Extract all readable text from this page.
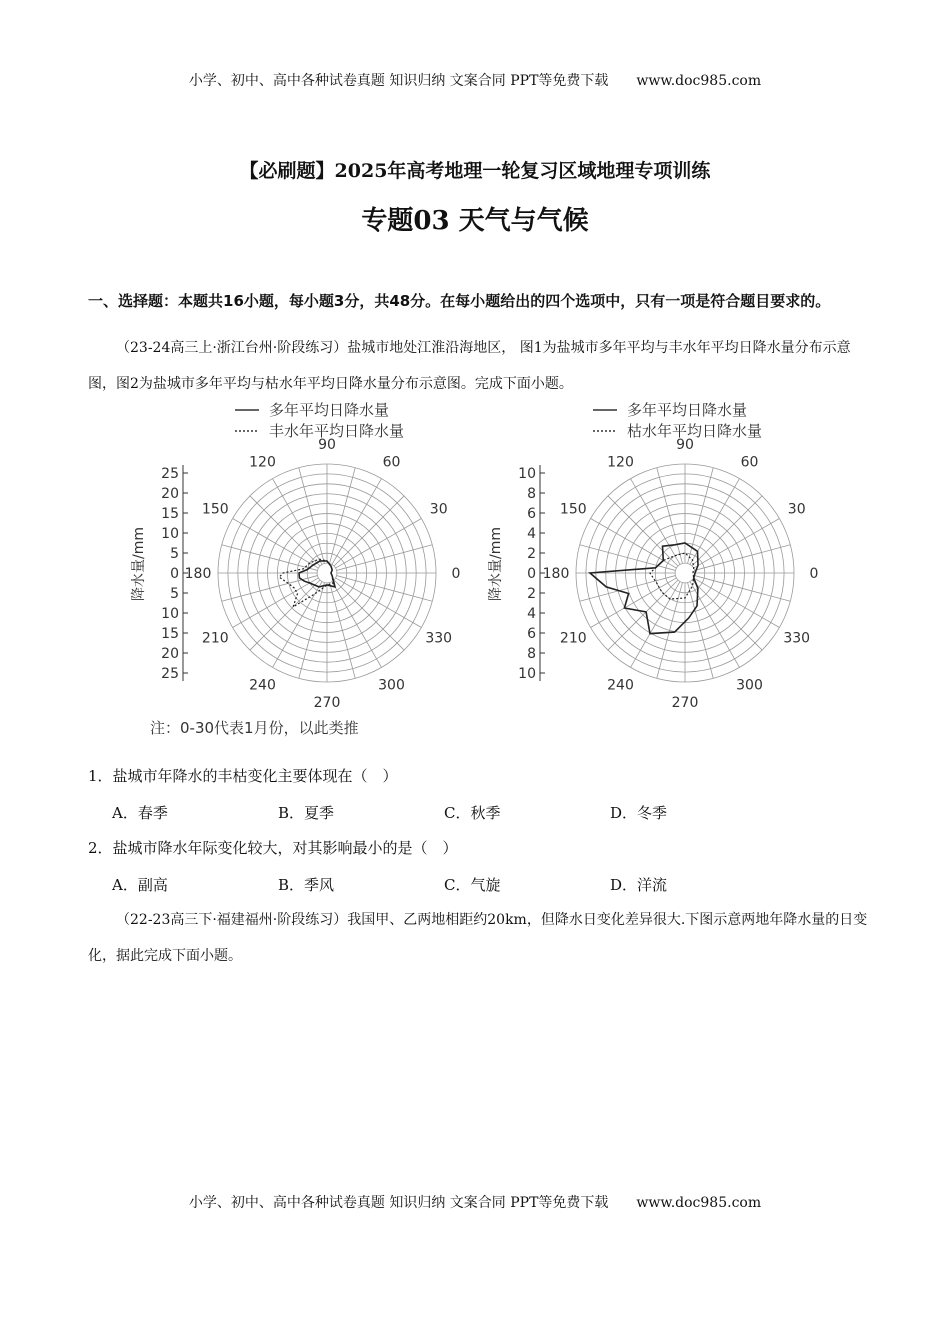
小学、初中、高中各种试卷真题 知识归纳 文案合同 PPT等免费下载 www.doc985.com
【必刷题】2025年高考地理一轮复习区域地理专项训练
专题03 天气与气候
一、选择题：本题共16小题，每小题3分，共48分。在每小题给出的四个选项中，只有一项是符合题目要求的。
（23-24高三上·浙江台州·阶段练习）盐城市地处江淮沿海地区， 图1为盐城市多年平均与丰水年平均日降水量分布示意图，图2为盐城市多年平均与枯水年平均日降水量分布示意图。完成下面小题。
多年平均日降水量
丰水年平均日降水量
0
30
60
90
120
150
180
210
240
270
300
330
25
20
15
10
5
0
5
10
15
20
25
降水量/mm
多年平均日降水量
枯水年平均日降水量
0
30
60
90
120
150
180
210
240
270
300
330
10
8
6
4
2
0
2
4
6
8
10
降水量/mm
注：0-30代表1月份，以此类推
1．盐城市年降水的丰枯变化主要体现在（　）
A．春季	B．夏季	C．秋季	D．冬季
2．盐城市降水年际变化较大，对其影响最小的是（　）
A．副高	B．季风	C．气旋	D．洋流
（22-23高三下·福建福州·阶段练习）我国甲、乙两地相距约20km，但降水日变化差异很大.下图示意两地年降水量的日变化，据此完成下面小题。
小学、初中、高中各种试卷真题 知识归纳 文案合同 PPT等免费下载 www.doc985.com
